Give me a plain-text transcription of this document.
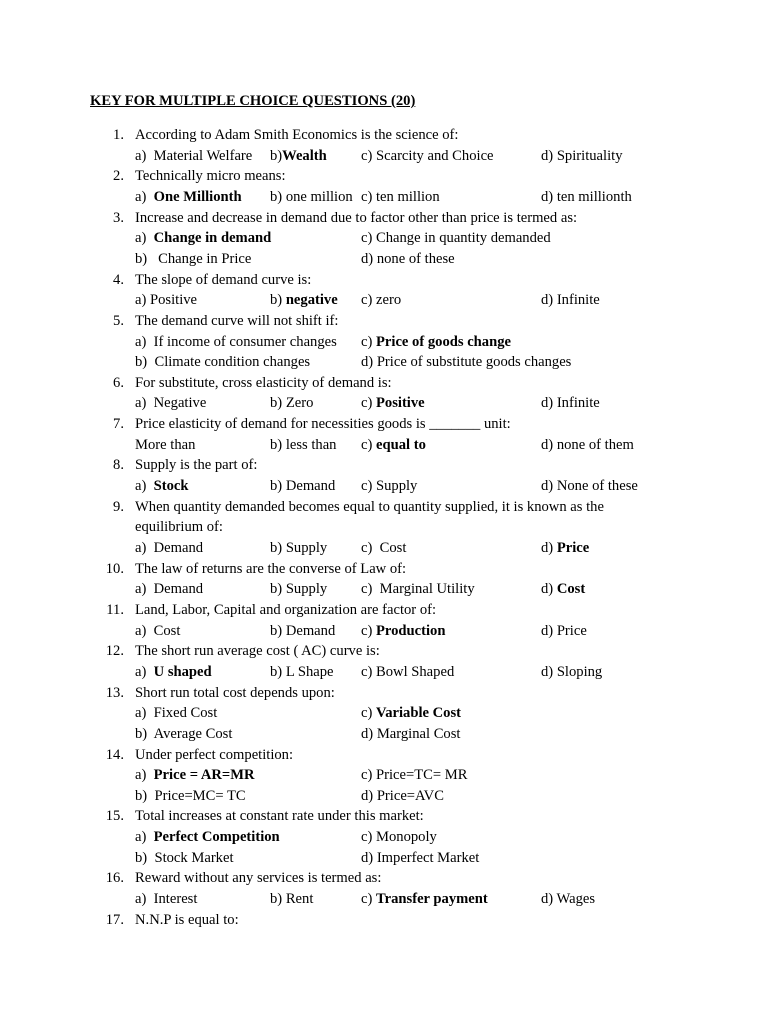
KEY FOR MULTIPLE CHOICE QUESTIONS (20)
1. According to Adam Smith Economics is the science of:
a)  Material Welfare b)Wealth c) Scarcity and Choice	d) Spirituality
2. Technically micro means:
a)  One Millionth b) one million c) ten million	d) ten millionth
3. Increase and decrease in demand due to factor other than price is termed as:
a)  Change in demand	c) Change in quantity demanded
b)   Change in Price	d) none of these
4. The slope of demand curve is:
a) Positive	b) negative c) zero	d) Infinite
5. The demand curve will not shift if:
a)  If income of consumer changes c) Price of goods change
b)  Climate condition changes	d) Price of substitute goods changes
6. For substitute, cross elasticity of demand is:
a)  Negative	b) Zero	c) Positive	d) Infinite
7. Price elasticity of demand for necessities goods is _______ unit:
More than	b) less than c) equal to	d) none of them
8. Supply is the part of:
a)  Stock	b) Demand c) Supply	d) None of these
9. When quantity demanded becomes equal to quantity supplied, it is known as the
equilibrium of:
a)  Demand	b) Supply c)  Cost	d) Price
10. The law of returns are the converse of Law of:
a)  Demand	b) Supply c)  Marginal Utility	d) Cost
11. Land, Labor, Capital and organization are factor of:
a)  Cost	b) Demand c) Production	d) Price
12. The short run average cost ( AC) curve is:
a)  U shaped	b) L Shape c) Bowl Shaped	d) Sloping
13. Short run total cost depends upon:
a)  Fixed Cost	c) Variable Cost
b)  Average Cost	d) Marginal Cost
14. Under perfect competition:
a)  Price = AR=MR	c) Price=TC= MR
b)  Price=MC= TC	d) Price=AVC
15. Total increases at constant rate under this market:
a)  Perfect Competition	c) Monopoly
b)  Stock Market	d) Imperfect Market
16. Reward without any services is termed as:
a)  Interest	b) Rent	c) Transfer payment	d) Wages
17. N.N.P is equal to:
